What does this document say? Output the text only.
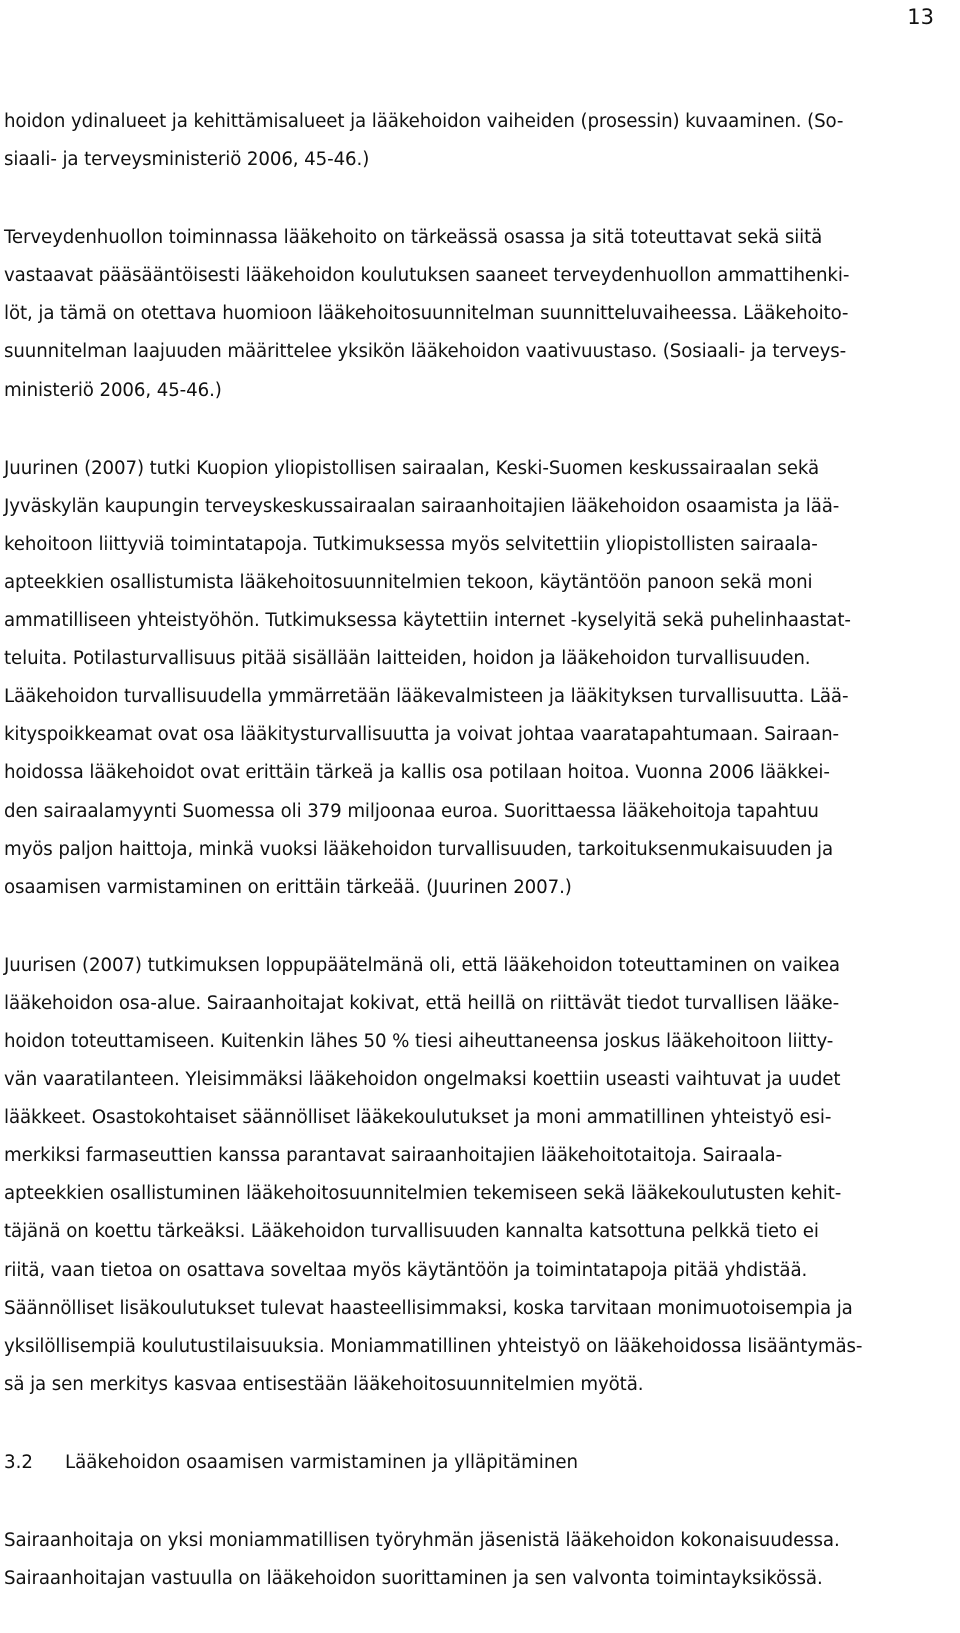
13
hoidon ydinalueet ja kehittämisalueet ja lääkehoidon vaiheiden (prosessin) kuvaaminen. (So-
siaali- ja terveysministeriö 2006, 45-46.)
Terveydenhuollon toiminnassa lääkehoito on tärkeässä osassa ja sitä toteuttavat sekä siitä
vastaavat pääsääntöisesti lääkehoidon koulutuksen saaneet terveydenhuollon ammattihenki-
löt, ja tämä on otettava huomioon lääkehoitosuunnitelman suunnitteluvaiheessa. Lääkehoito-
suunnitelman laajuuden määrittelee yksikön lääkehoidon vaativuustaso. (Sosiaali- ja terveys-
ministeriö 2006, 45-46.)
Juurinen (2007) tutki Kuopion yliopistollisen sairaalan, Keski-Suomen keskussairaalan sekä
Jyväskylän kaupungin terveyskeskussairaalan sairaanhoitajien lääkehoidon osaamista ja lää-
kehoitoon liittyviä toimintatapoja. Tutkimuksessa myös selvitettiin yliopistollisten sairaala-
apteekkien osallistumista lääkehoitosuunnitelmien tekoon, käytäntöön panoon sekä moni
ammatilliseen yhteistyöhön. Tutkimuksessa käytettiin internet -kyselyitä sekä puhelinhaastat-
teluita. Potilasturvallisuus pitää sisällään laitteiden, hoidon ja lääkehoidon turvallisuuden.
Lääkehoidon turvallisuudella ymmärretään lääkevalmisteen ja lääkityksen turvallisuutta. Lää-
kityspoikkeamat ovat osa lääkitysturvallisuutta ja voivat johtaa vaaratapahtumaan. Sairaan-
hoidossa lääkehoidot ovat erittäin tärkeä ja kallis osa potilaan hoitoa. Vuonna 2006 lääkkei-
den sairaalamyynti Suomessa oli 379 miljoonaa euroa. Suorittaessa lääkehoitoja tapahtuu
myös paljon haittoja, minkä vuoksi lääkehoidon turvallisuuden, tarkoituksenmukaisuuden ja
osaamisen varmistaminen on erittäin tärkeää. (Juurinen 2007.)
Juurisen (2007) tutkimuksen loppupäätelmänä oli, että lääkehoidon toteuttaminen on vaikea
lääkehoidon osa-alue. Sairaanhoitajat kokivat, että heillä on riittävät tiedot turvallisen lääke-
hoidon toteuttamiseen. Kuitenkin lähes 50 % tiesi aiheuttaneensa joskus lääkehoitoon liitty-
vän vaaratilanteen. Yleisimmäksi lääkehoidon ongelmaksi koettiin useasti vaihtuvat ja uudet
lääkkeet. Osastokohtaiset säännölliset lääkekoulutukset ja moni ammatillinen yhteistyö esi-
merkiksi farmaseuttien kanssa parantavat sairaanhoitajien lääkehoitotaitoja. Sairaala-
apteekkien osallistuminen lääkehoitosuunnitelmien tekemiseen sekä lääkekoulutusten kehit-
täjänä on koettu tärkeäksi. Lääkehoidon turvallisuuden kannalta katsottuna pelkkä tieto ei
riitä, vaan tietoa on osattava soveltaa myös käytäntöön ja toimintatapoja pitää yhdistää.
Säännölliset lisäkoulutukset tulevat haasteellisimmaksi, koska tarvitaan monimuotoisempia ja
yksilöllisempiä koulutustilaisuuksia. Moniammatillinen yhteistyö on lääkehoidossa lisääntymäs-
sä ja sen merkitys kasvaa entisestään lääkehoitosuunnitelmien myötä.
3.2	Lääkehoidon osaamisen varmistaminen ja ylläpitäminen
Sairaanhoitaja on yksi moniammatillisen työryhmän jäsenistä lääkehoidon kokonaisuudessa.
Sairaanhoitajan vastuulla on lääkehoidon suorittaminen ja sen valvonta toimintayksikössä.
